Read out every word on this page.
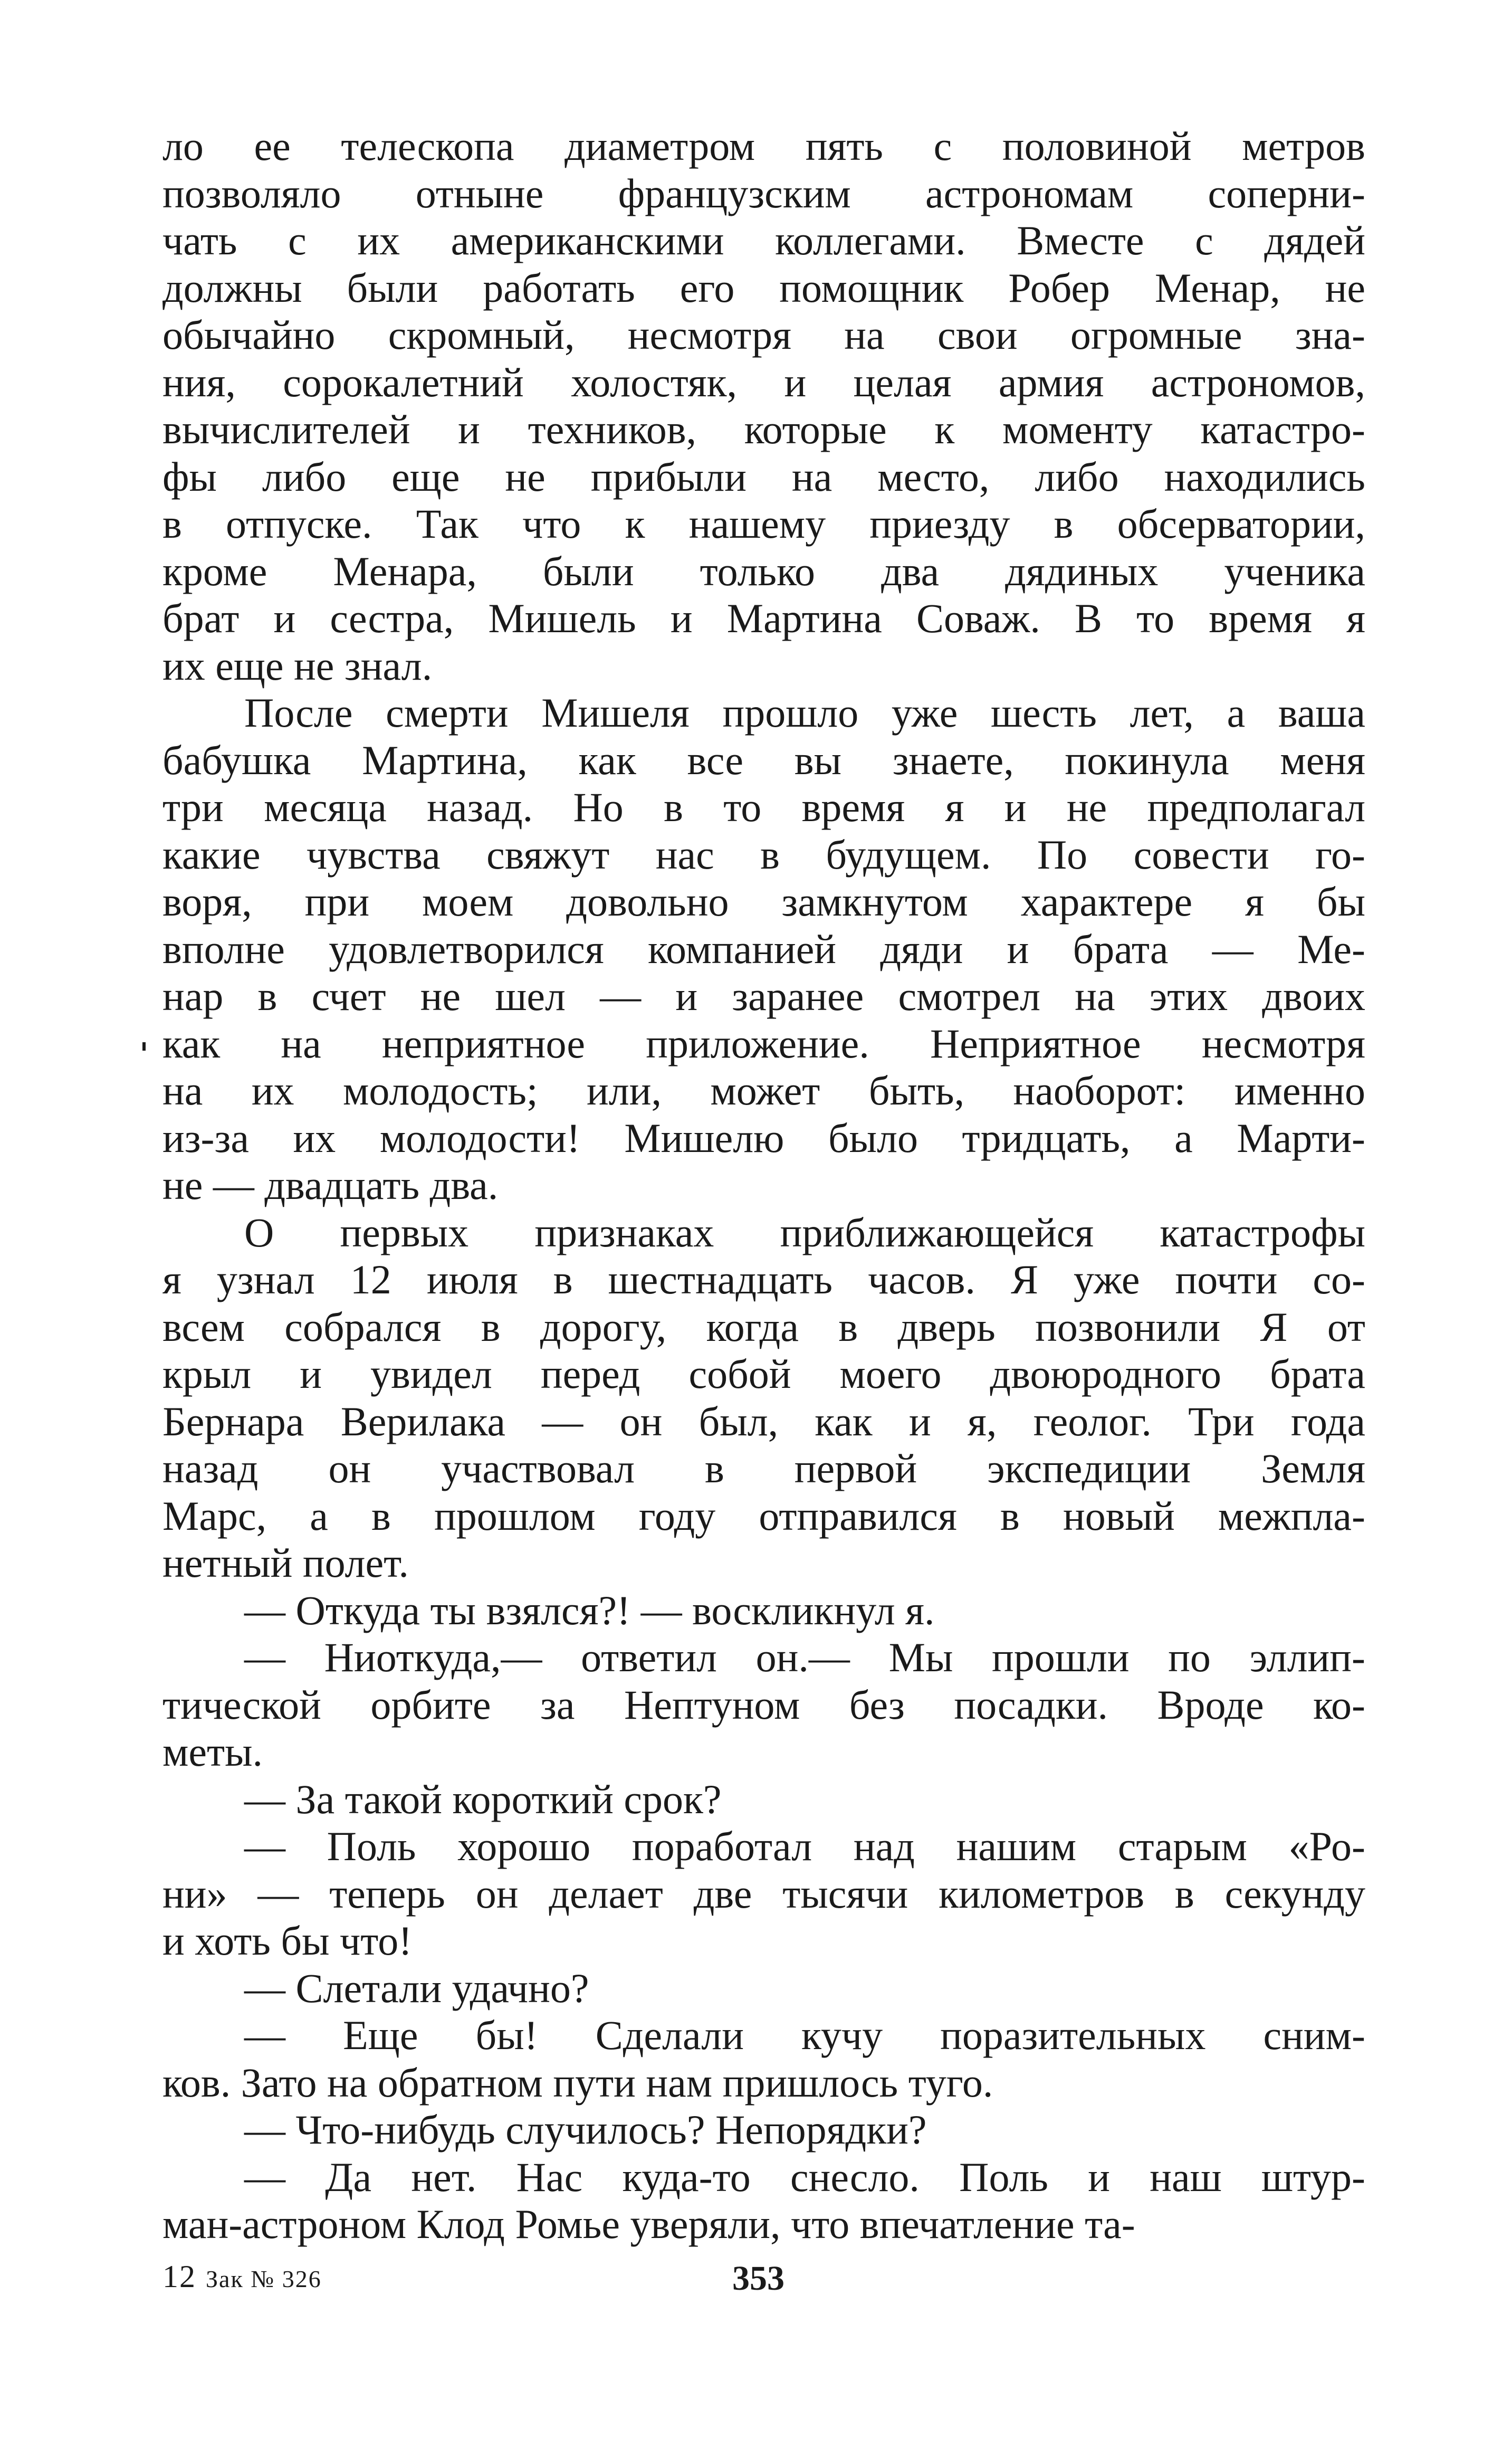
ло ее телескопа диаметром пять с половиной метров
позволяло отныне французским астрономам соперни-
чать с их американскими коллегами. Вместе с дядей
должны были работать его помощник Робер Менар, не
обычайно скромный, несмотря на свои огромные зна-
ния, сорокалетний холостяк, и целая армия астрономов,
вычислителей и техников, которые к моменту катастро-
фы либо еще не прибыли на место, либо находились
в отпуске. Так что к нашему приезду в обсерватории,
кроме Менара, были только два дядиных ученика
брат и сестра, Мишель и Мартина Соваж. В то время я
их еще не знал.
После смерти Мишеля прошло уже шесть лет, а ваша
бабушка Мартина, как все вы знаете, покинула меня
три месяца назад. Но в то время я и не предполагал
какие чувства свяжут нас в будущем. По совести го-
воря, при моем довольно замкнутом характере я бы
вполне удовлетворился компанией дяди и брата — Ме-
нар в счет не шел — и заранее смотрел на этих двоих
как на неприятное приложение. Неприятное несмотря
на их молодость; или, может быть, наоборот: именно
из-за их молодости! Мишелю было тридцать, а Марти-
не — двадцать два.
О первых признаках приближающейся катастрофы
я узнал 12 июля в шестнадцать часов. Я уже почти со-
всем собрался в дорогу, когда в дверь позвонили Я от
крыл и увидел перед собой моего двоюродного брата
Бернара Верилака — он был, как и я, геолог. Три года
назад он участвовал в первой экспедиции Земля
Марс, а в прошлом году отправился в новый межпла-
нетный полет.
— Откуда ты взялся?! — воскликнул я.
— Ниоткуда,— ответил он.— Мы прошли по эллип-
тической орбите за Нептуном без посадки. Вроде ко-
меты.
— За такой короткий срок?
— Поль хорошо поработал над нашим старым «Ро-
ни» — теперь он делает две тысячи километров в секунду
и хоть бы что!
— Слетали удачно?
— Еще бы! Сделали кучу поразительных сним-
ков. Зато на обратном пути нам пришлось туго.
— Что-нибудь случилось? Непорядки?
— Да нет. Нас куда-то снесло. Поль и наш штур-
ман-астроном Клод Ромье уверяли, что впечатление та-
12 Зак № 326	353
